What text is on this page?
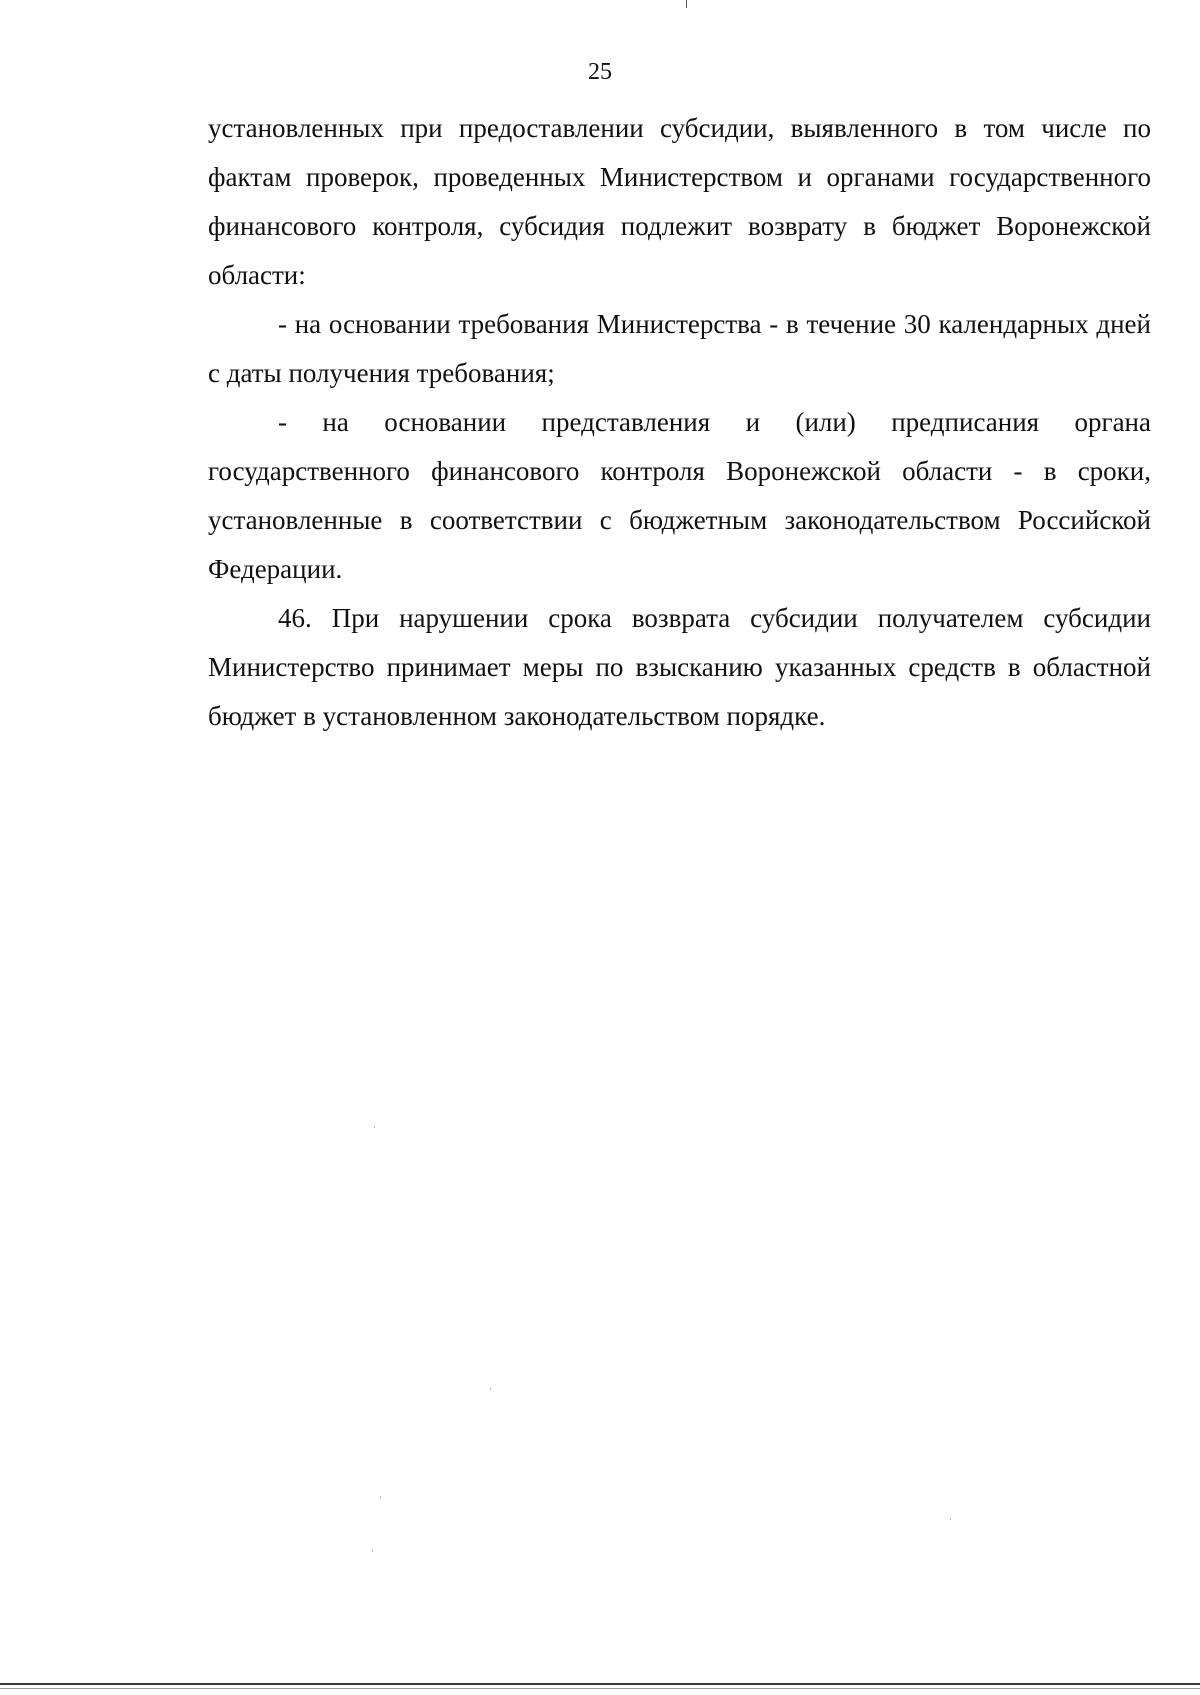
25

установленных при предоставлении субсидии, выявленного в том числе по фактам проверок, проведенных Министерством и органами государственного финансового контроля, субсидия подлежит возврату в бюджет Воронежской области:

- на основании требования Министерства - в течение 30 календарных дней с даты получения требования;

- на основании представления и (или) предписания органа государственного финансового контроля Воронежской области - в сроки, установленные в соответствии с бюджетным законодательством Российской Федерации.

46. При нарушении срока возврата субсидии получателем субсидии Министерство принимает меры по взысканию указанных средств в областной бюджет в установленном законодательством порядке.
